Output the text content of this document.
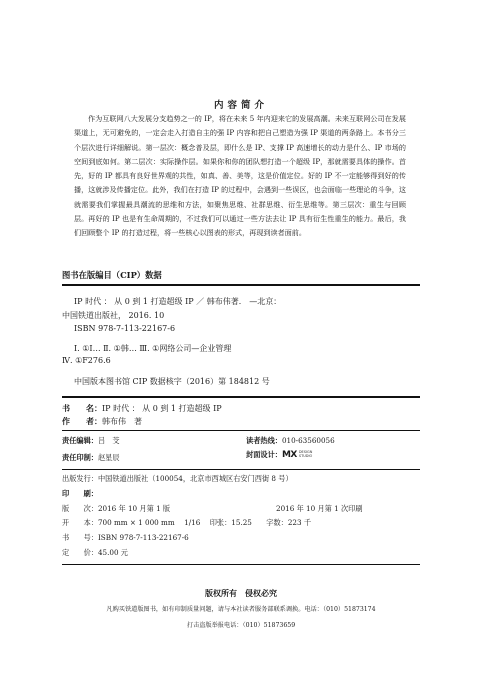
内容简介
作为互联网八大发展分支趋势之一的 IP，将在未来 5 年内迎来它的发展高潮。未来互联网公司在发展渠道上，无可避免的，一定会走入打造自主的强 IP 内容和把自己塑造为强 IP 渠道的两条路上。本书分三个层次进行详细解说。第一层次：概念普及层，即什么是 IP、支撑 IP 高速增长的动力是什么、IP 市场的空间到底如何。第二层次：实际操作层。如果你和你的团队想打造一个超级 IP，那就需要具体的操作。首先，好的 IP 都具有良好世界观的共性，如真、善、美等，这是价值定位。好的 IP 不一定能够得到好的传播，这就涉及传播定位。此外，我们在打造 IP 的过程中，会遇到一些误区，也会面临一些理论的斗争，这就需要我们掌握最具潮流的思维和方法，如聚焦思维、社群思维、衍生思维等。第三层次：重生与回顾层。再好的 IP 也是有生命周期的，不过我们可以通过一些方法去让 IP 具有衍生性重生的能力。最后，我们回顾整个 IP 的打造过程，将一些核心以图表的形式，再现到读者面前。
图书在版编目（CIP）数据
IP 时代 ： 从 0 到 1 打造超级 IP ／ 韩布伟著． —北京：
中国铁道出版社， 2016. 10
ISBN 978-7-113-22167-6
Ⅰ. ①I… Ⅱ. ①韩… Ⅲ. ①网络公司—企业管理
Ⅳ. ①F276.6
中国版本图书馆 CIP 数据核字（2016）第 184812 号
书　　名：IP 时代 ： 从 0 到 1 打造超级 IP
作　　者：韩布伟　著
责任编辑：吕　芠	读者热线：010-63560056
责任印制：赵星辰	封面设计：MX DESIGN
STUDIO
出版发行：中国铁道出版社（100054，北京市西城区右安门西街 8 号）
印　　刷：
版　　次：2016 年 10 月第 1 版	2016 年 10 月第 1 次印刷
开　　本：700 mm × 1 000 mm　 1/16　 印张：15.25　　字数：223 千
书　　号：ISBN 978-7-113-22167-6
定　　价：45.00 元
版权所有　侵权必究
凡购买铁道版图书，如有印制质量问题，请与本社读者服务部联系调换。电话：（010）51873174
打击盗版举报电话：（010）51873659
